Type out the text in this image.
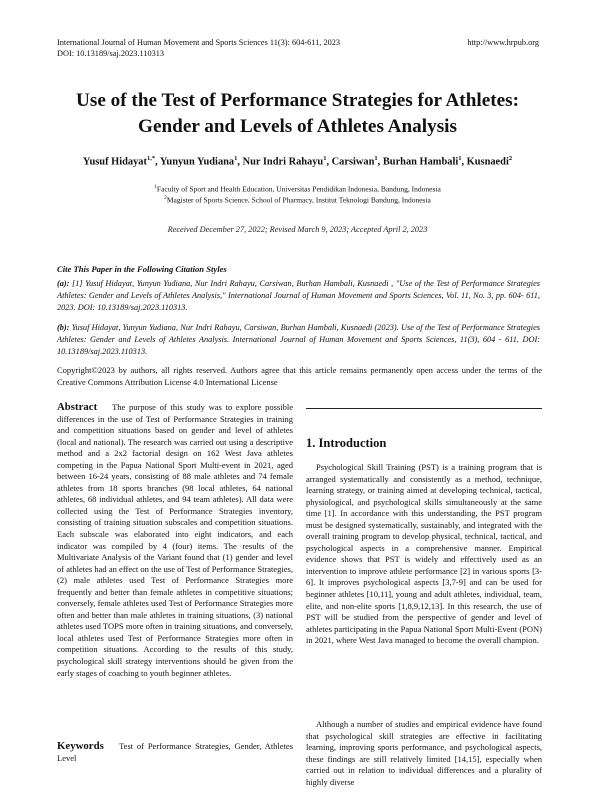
International Journal of Human Movement and Sports Sciences 11(3): 604-611, 2023
DOI: 10.13189/saj.2023.110313
http://www.hrpub.org
Use of the Test of Performance Strategies for Athletes:
Gender and Levels of Athletes Analysis
Yusuf Hidayat$^{1,*}$, Yunyun Yudiana$^1$, Nur Indri Rahayu$^1$, Carsiwan$^1$, Burhan Hambali$^1$, Kusnaedi$^2$
$^1$Faculty of Sport and Health Education, Universitas Pendidikan Indonesia, Bandung, Indonesia
$^2$Magister of Sports Science, School of Pharmacy, Institut Teknologi Bandung, Indonesia
Received December 27, 2022; Revised March 9, 2023; Accepted April 2, 2023
Cite This Paper in the Following Citation Styles
(a): [1] Yusuf Hidayat, Yunyun Yudiana, Nur Indri Rahayu, Carsiwan, Burhan Hambali, Kusnaedi , "Use of the Test of Performance Strategies Athletes: Gender and Levels of Athletes Analysis," International Journal of Human Movement and Sports Sciences, Vol. 11, No. 3, pp. 604- 611, 2023. DOI: 10.13189/saj.2023.110313.
(b): Yusuf Hidayat, Yunyun Yudiana, Nur Indri Rahayu, Carsiwan, Burhan Hambali, Kusnaedi (2023). Use of the Test of Performance Strategies Athletes: Gender and Levels of Athletes Analysis. International Journal of Human Movement and Sports Sciences, 11(3), 604 - 611. DOI: 10.13189/saj.2023.110313.
Copyright©2023 by authors, all rights reserved. Authors agree that this article remains permanently open access under the terms of the Creative Commons Attribution License 4.0 International License
Abstract The purpose of this study was to explore possible differences in the use of Test of Performance Strategies in training and competition situations based on gender and level of athletes (local and national). The research was carried out using a descriptive method and a 2x2 factorial design on 162 West Java athletes competing in the Papua National Sport Multi-event in 2021, aged between 16-24 years, consisting of 88 male athletes and 74 female athletes from 18 sports branches (98 local athletes, 64 national athletes, 68 individual athletes, and 94 team athletes). All data were collected using the Test of Performance Strategies inventory, consisting of training situation subscales and competition situations. Each subscale was elaborated into eight indicators, and each indicator was compiled by 4 (four) items. The results of the Multivariate Analysis of the Variant found that (1) gender and level of athletes had an effect on the use of Test of Performance Strategies, (2) male athletes used Test of Performance Strategies more frequently and better than female athletes in competitive situations; conversely, female athletes used Test of Performance Strategies more often and better than male athletes in training situations, (3) national athletes used TOPS more often in training situations, and conversely, local athletes used Test of Performance Strategies more often in competition situations. According to the results of this study, psychological skill strategy interventions should be given from the early stages of coaching to youth beginner athletes.
Keywords Test of Performance Strategies, Gender, Athletes Level
1. Introduction
Psychological Skill Training (PST) is a training program that is arranged systematically and consistently as a method, technique, learning strategy, or training aimed at developing technical, tactical, physiological, and psychological skills simultaneously at the same time [1]. In accordance with this understanding, the PST program must be designed systematically, sustainably, and integrated with the overall training program to develop physical, technical, tactical, and psychological aspects in a comprehensive manner. Empirical evidence shows that PST is widely and effectively used as an intervention to improve athlete performance [2] in various sports [3-6]. It improves psychological aspects [3,7-9] and can be used for beginner athletes [10,11], young and adult athletes, individual, team, elite, and non-elite sports [1,8,9,12,13]. In this research, the use of PST will be studied from the perspective of gender and level of athletes participating in the Papua National Sport Multi-Event (PON) in 2021, where West Java managed to become the overall champion.
Although a number of studies and empirical evidence have found that psychological skill strategies are effective in facilitating learning, improving sports performance, and psychological aspects, these findings are still relatively limited [14,15], especially when carried out in relation to individual differences and a plurality of highly diverse
